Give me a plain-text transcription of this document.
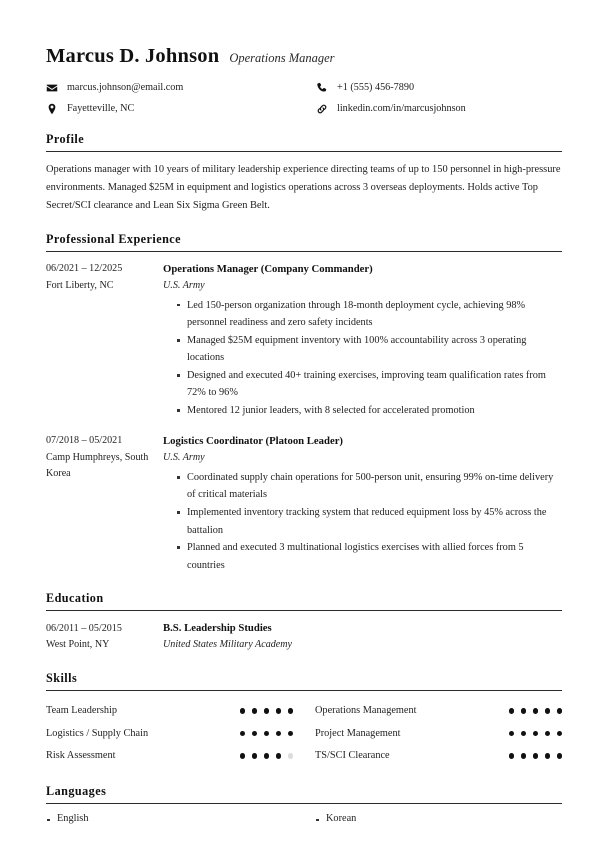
Marcus D. Johnson Operations Manager
marcus.johnson@email.com	+1 (555) 456-7890
Fayetteville, NC	linkedin.com/in/marcusjohnson
Profile
Operations manager with 10 years of military leadership experience directing teams of up to 150 personnel in high-pressure environments. Managed $25M in equipment and logistics operations across 3 overseas deployments. Holds active Top Secret/SCI clearance and Lean Six Sigma Green Belt.
Professional Experience
06/2021 – 12/2025
Fort Liberty, NC
Operations Manager (Company Commander)
U.S. Army
Led 150-person organization through 18-month deployment cycle, achieving 98% personnel readiness and zero safety incidents
Managed $25M equipment inventory with 100% accountability across 3 operating locations
Designed and executed 40+ training exercises, improving team qualification rates from 72% to 96%
Mentored 12 junior leaders, with 8 selected for accelerated promotion
07/2018 – 05/2021
Camp Humphreys, South Korea
Logistics Coordinator (Platoon Leader)
U.S. Army
Coordinated supply chain operations for 500-person unit, ensuring 99% on-time delivery of critical materials
Implemented inventory tracking system that reduced equipment loss by 45% across the battalion
Planned and executed 3 multinational logistics exercises with allied forces from 5 countries
Education
06/2011 – 05/2015
West Point, NY
B.S. Leadership Studies
United States Military Academy
Skills
Team Leadership	Operations Management
Logistics / Supply Chain	Project Management
Risk Assessment	TS/SCI Clearance
Languages
English	Korean
